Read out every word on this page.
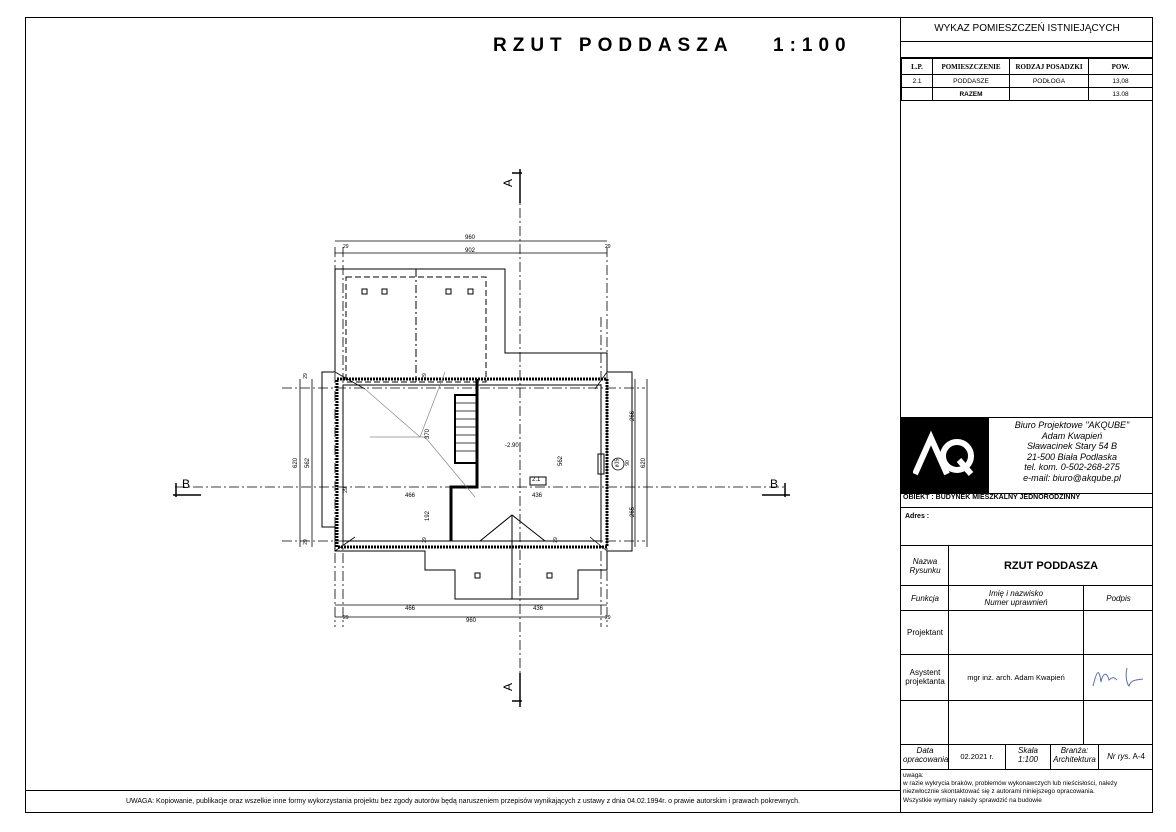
RZUT PODDASZA 1:100
A
A
B	B
2.1
-2.90
ø15
960
902
29	29
466	436
960
29	29
466	436
620 562
29
29
266
265
620
562	90
370
192
29
29	29
29
UWAGA: Kopiowanie, publikacje oraz wszelkie inne formy wykorzystania projektu bez zgody autorów będą naruszeniem przepisów wynikających z ustawy z dnia 04.02.1994r. o prawie autorskim i prawach pokrewnych.
WYKAZ POMIESZCZEŃ ISTNIEJĄCYCH
L.P.	POMIESZCZENIE	RODZAJ POSADZKI	POW.
2.1	PODDASZE	PODŁOGA	13,08
	RAZEM		13.08
Biuro Projektowe "AKQUBE"
Adam Kwapień
Sławacinek Stary 54 B
21-500 Biała Podlaska
tel. kom. 0-502-268-275
e-mail: biuro@akqube.pl
OBIEKT : BUDYNEK MIESZKALNY JEDNORODZINNY
Adres :
Nazwa
Rysunku	RZUT PODDASZA
Funkcja
Imię i nazwisko
Numer uprawnień	Podpis
Projektant
Asystent
projektanta	mgr inż. arch. Adam Kwapień
Data
opracowania	02.2021 r.
Skala
1:100
Branża:
Architektura	Nr rys. A-4
uwaga:
w razie wykrycia braków, problemów wykonawczych lub nieścisłości, należy
niezwłocznie skontaktować się z autorami niniejszego opracowania.
Wszystkie wymiary należy sprawdzić na budowie
